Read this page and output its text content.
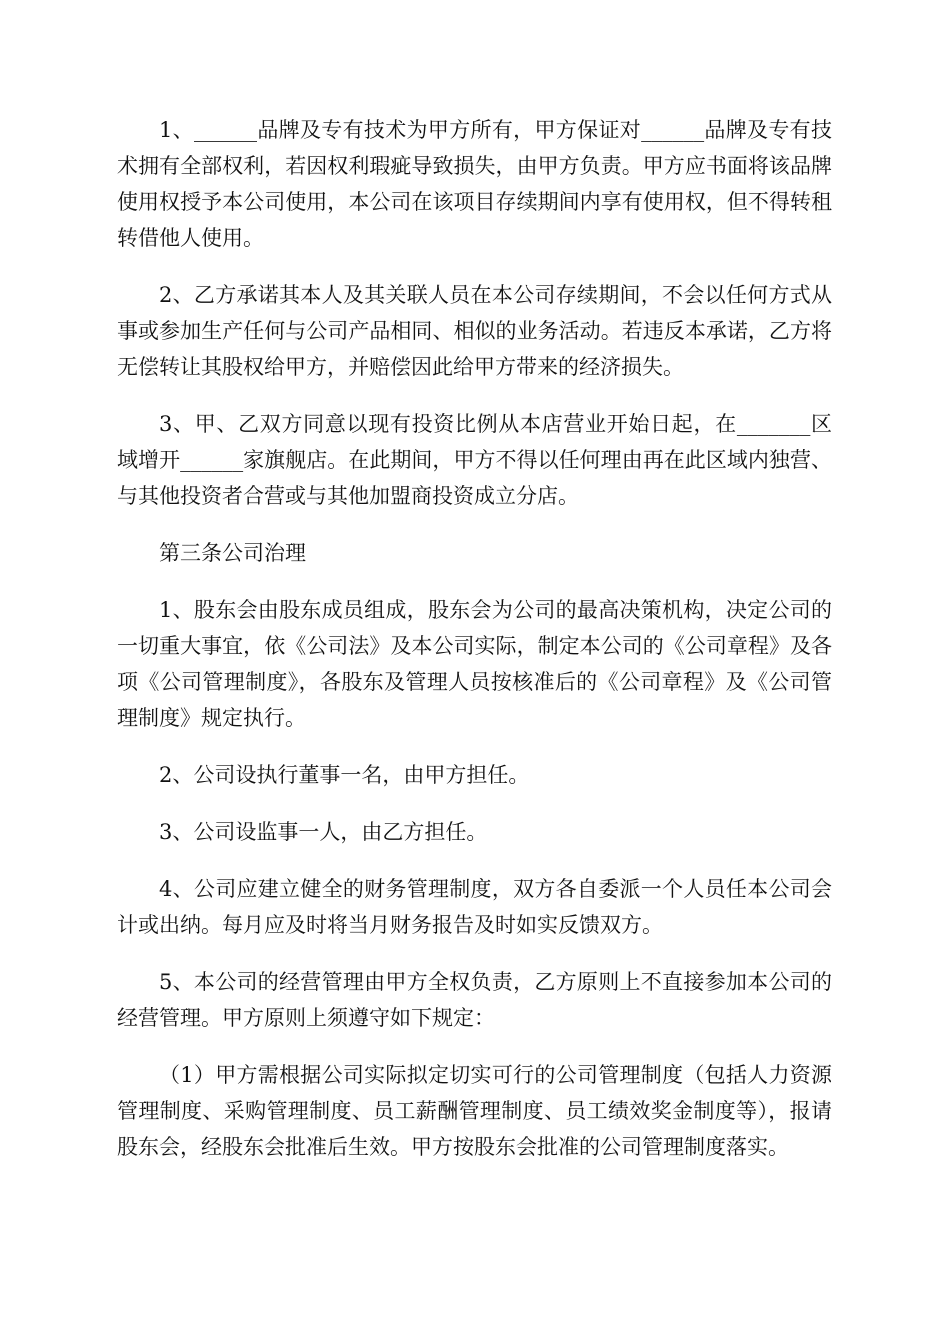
1、______品牌及专有技术为甲方所有，甲方保证对______品牌及专有技术拥有全部权利，若因权利瑕疵导致损失，由甲方负责。甲方应书面将该品牌使用权授予本公司使用，本公司在该项目存续期间内享有使用权，但不得转租转借他人使用。

2、乙方承诺其本人及其关联人员在本公司存续期间，不会以任何方式从事或参加生产任何与公司产品相同、相似的业务活动。若违反本承诺，乙方将无偿转让其股权给甲方，并赔偿因此给甲方带来的经济损失。

3、甲、乙双方同意以现有投资比例从本店营业开始日起，在_______区域增开______家旗舰店。在此期间，甲方不得以任何理由再在此区域内独营、与其他投资者合营或与其他加盟商投资成立分店。

第三条公司治理

1、股东会由股东成员组成，股东会为公司的最高决策机构，决定公司的一切重大事宜，依《公司法》及本公司实际，制定本公司的《公司章程》及各项《公司管理制度》，各股东及管理人员按核准后的《公司章程》及《公司管理制度》规定执行。

2、公司设执行董事一名，由甲方担任。

3、公司设监事一人，由乙方担任。

4、公司应建立健全的财务管理制度，双方各自委派一个人员任本公司会计或出纳。每月应及时将当月财务报告及时如实反馈双方。

5、本公司的经营管理由甲方全权负责，乙方原则上不直接参加本公司的经营管理。甲方原则上须遵守如下规定：

（1）甲方需根据公司实际拟定切实可行的公司管理制度（包括人力资源管理制度、采购管理制度、员工薪酬管理制度、员工绩效奖金制度等），报请股东会，经股东会批准后生效。甲方按股东会批准的公司管理制度落实。
